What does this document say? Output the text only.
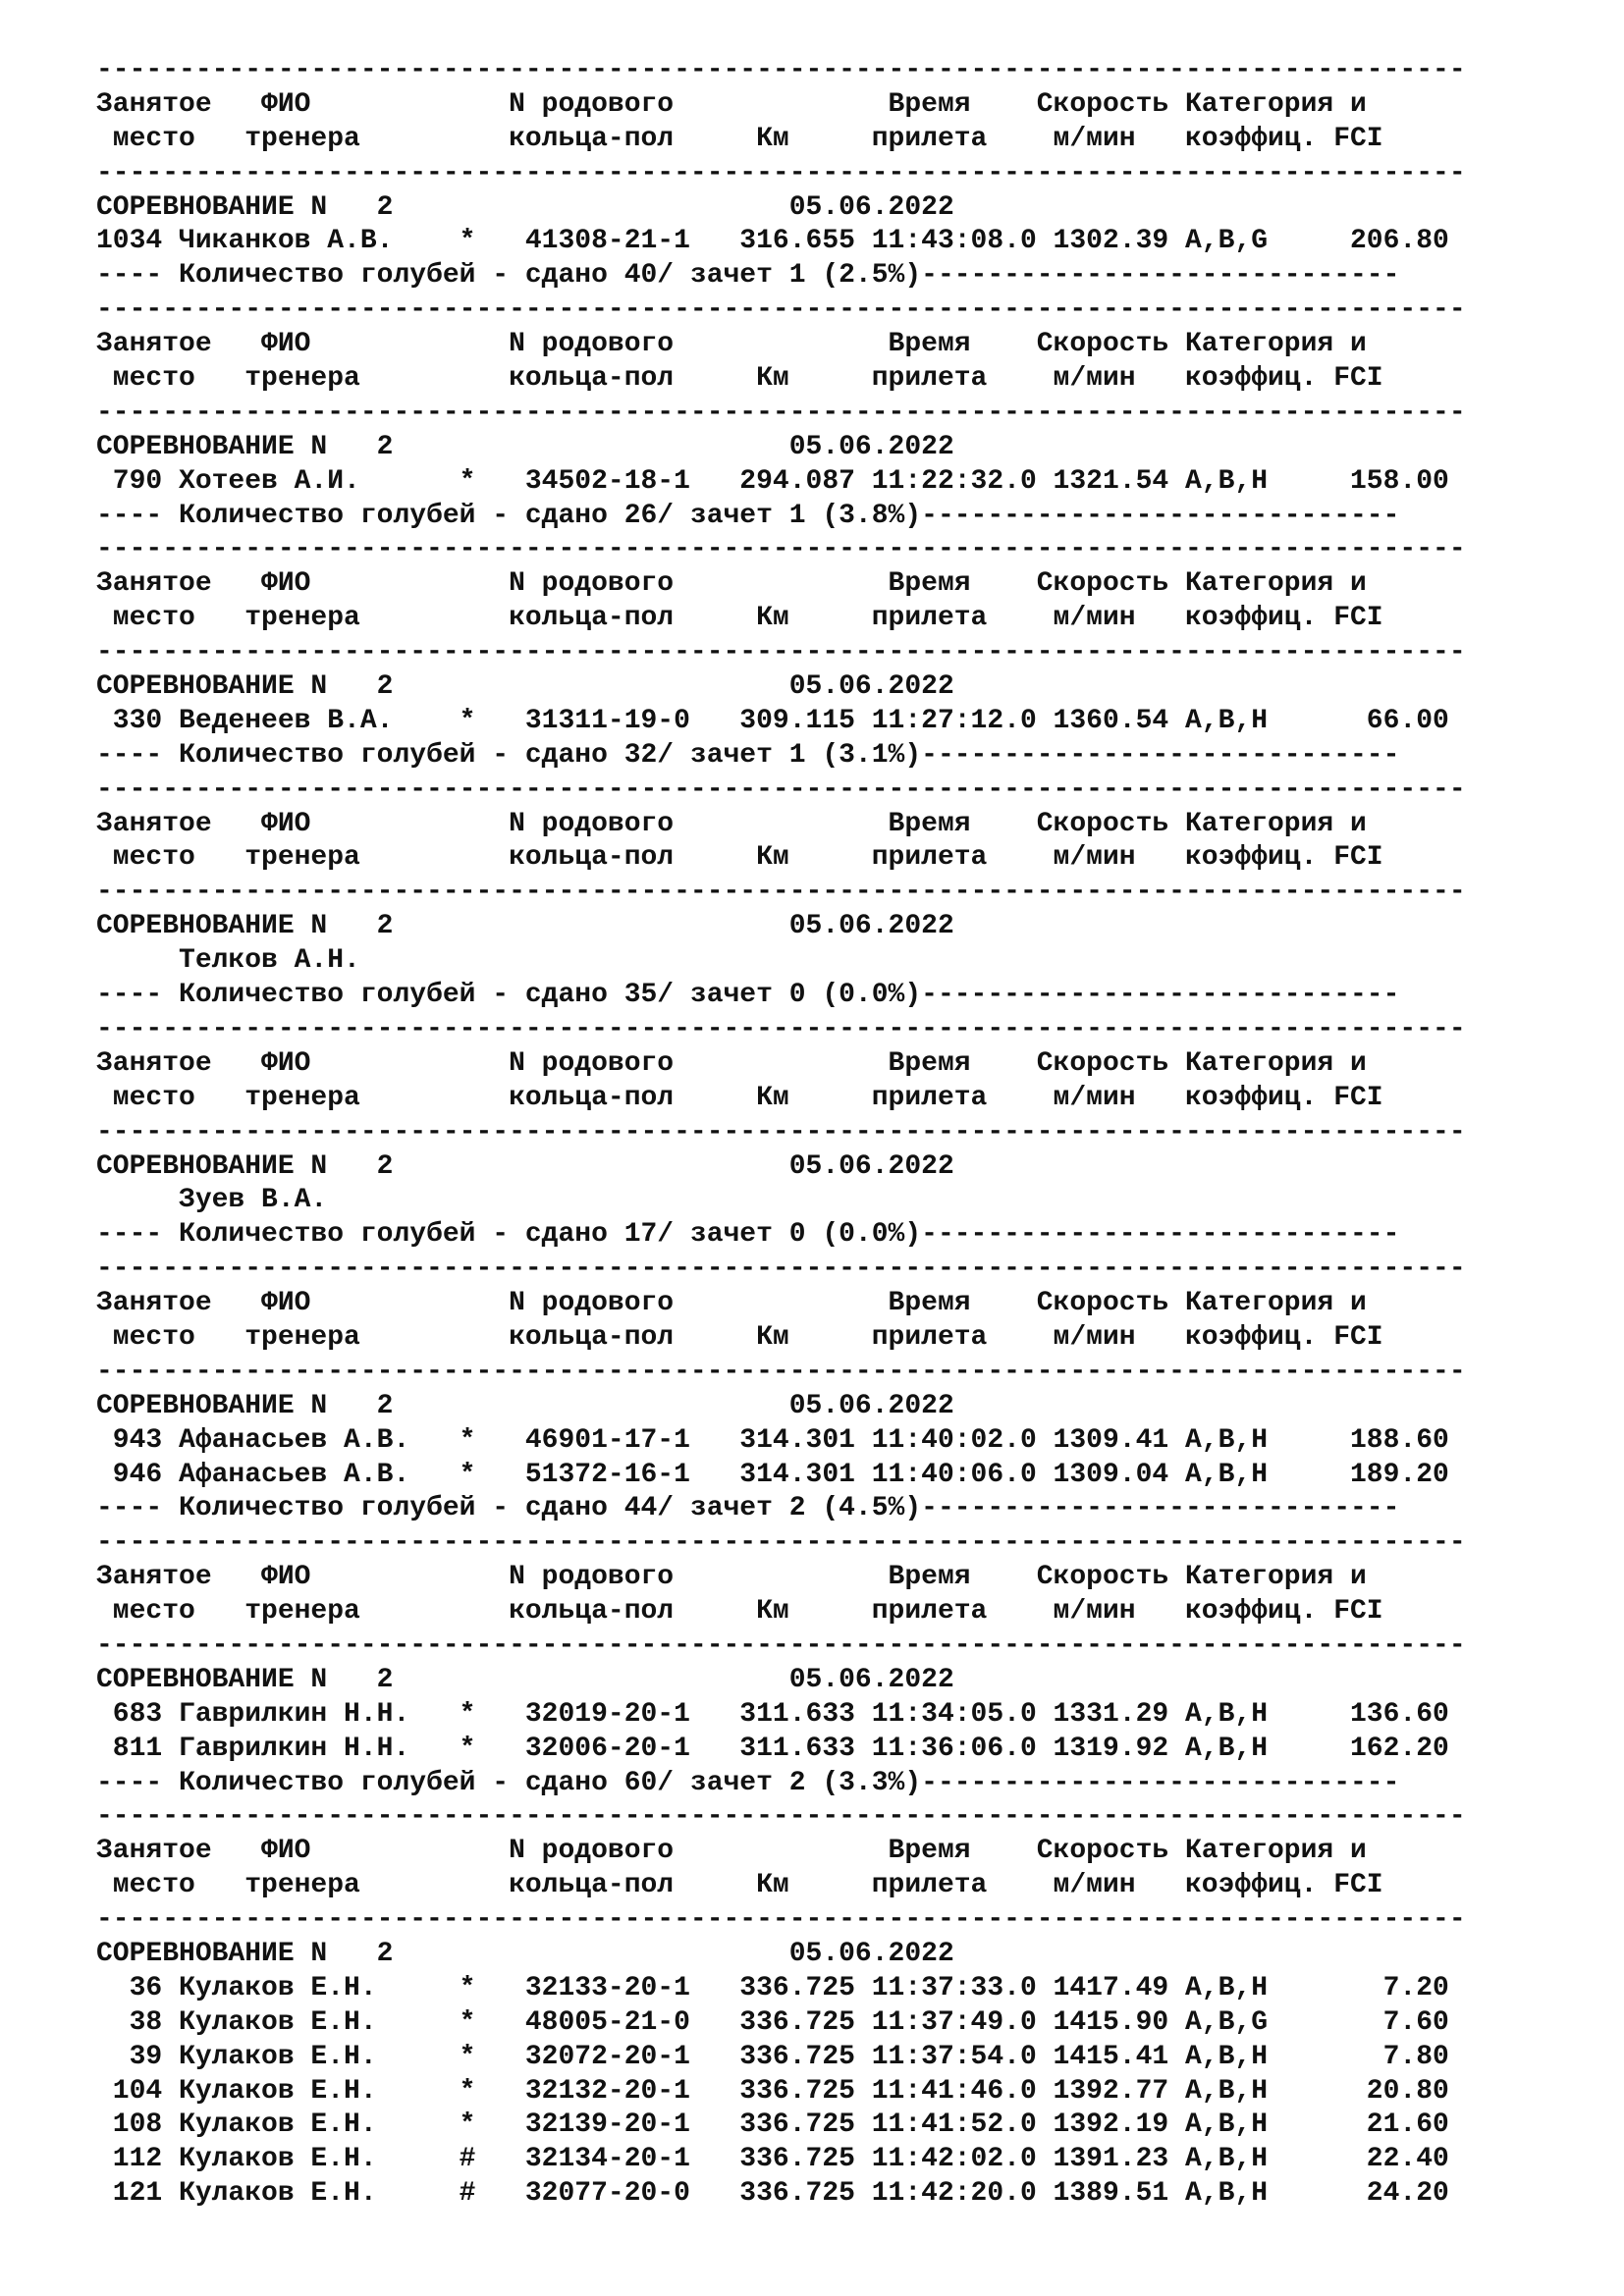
-----------------------------------------------------------------------------------
Занятое   ФИО            N родового             Время    Скорость Категория и
место   тренера         кольца-пол     Км     прилета    м/мин   коэффиц. FCI
-----------------------------------------------------------------------------------
СОРЕВНОВАНИЕ N   2                        05.06.2022
1034 Чиканков А.В.    *   41308-21-1   316.655 11:43:08.0 1302.39 A,B,G     206.80
---- Количество голубей - сдано 40/ зачет 1 (2.5%)-----------------------------
-----------------------------------------------------------------------------------
Занятое   ФИО            N родового             Время    Скорость Категория и
место   тренера         кольца-пол     Км     прилета    м/мин   коэффиц. FCI
-----------------------------------------------------------------------------------
СОРЕВНОВАНИЕ N   2                        05.06.2022
790 Хотеев А.И.      *   34502-18-1   294.087 11:22:32.0 1321.54 A,B,H     158.00
---- Количество голубей - сдано 26/ зачет 1 (3.8%)-----------------------------
-----------------------------------------------------------------------------------
Занятое   ФИО            N родового             Время    Скорость Категория и
место   тренера         кольца-пол     Км     прилета    м/мин   коэффиц. FCI
-----------------------------------------------------------------------------------
СОРЕВНОВАНИЕ N   2                        05.06.2022
330 Веденеев В.А.    *   31311-19-0   309.115 11:27:12.0 1360.54 A,B,H      66.00
---- Количество голубей - сдано 32/ зачет 1 (3.1%)-----------------------------
-----------------------------------------------------------------------------------
Занятое   ФИО            N родового             Время    Скорость Категория и
место   тренера         кольца-пол     Км     прилета    м/мин   коэффиц. FCI
-----------------------------------------------------------------------------------
СОРЕВНОВАНИЕ N   2                        05.06.2022
Телков А.Н.
---- Количество голубей - сдано 35/ зачет 0 (0.0%)-----------------------------
-----------------------------------------------------------------------------------
Занятое   ФИО            N родового             Время    Скорость Категория и
место   тренера         кольца-пол     Км     прилета    м/мин   коэффиц. FCI
-----------------------------------------------------------------------------------
СОРЕВНОВАНИЕ N   2                        05.06.2022
Зуев В.А.
---- Количество голубей - сдано 17/ зачет 0 (0.0%)-----------------------------
-----------------------------------------------------------------------------------
Занятое   ФИО            N родового             Время    Скорость Категория и
место   тренера         кольца-пол     Км     прилета    м/мин   коэффиц. FCI
-----------------------------------------------------------------------------------
СОРЕВНОВАНИЕ N   2                        05.06.2022
943 Афанасьев А.В.   *   46901-17-1   314.301 11:40:02.0 1309.41 A,B,H     188.60
946 Афанасьев А.В.   *   51372-16-1   314.301 11:40:06.0 1309.04 A,B,H     189.20
---- Количество голубей - сдано 44/ зачет 2 (4.5%)-----------------------------
-----------------------------------------------------------------------------------
Занятое   ФИО            N родового             Время    Скорость Категория и
место   тренера         кольца-пол     Км     прилета    м/мин   коэффиц. FCI
-----------------------------------------------------------------------------------
СОРЕВНОВАНИЕ N   2                        05.06.2022
683 Гаврилкин Н.Н.   *   32019-20-1   311.633 11:34:05.0 1331.29 A,B,H     136.60
811 Гаврилкин Н.Н.   *   32006-20-1   311.633 11:36:06.0 1319.92 A,B,H     162.20
---- Количество голубей - сдано 60/ зачет 2 (3.3%)-----------------------------
-----------------------------------------------------------------------------------
Занятое   ФИО            N родового             Время    Скорость Категория и
место   тренера         кольца-пол     Км     прилета    м/мин   коэффиц. FCI
-----------------------------------------------------------------------------------
СОРЕВНОВАНИЕ N   2                        05.06.2022
36 Кулаков Е.Н.     *   32133-20-1   336.725 11:37:33.0 1417.49 A,B,H       7.20
38 Кулаков Е.Н.     *   48005-21-0   336.725 11:37:49.0 1415.90 A,B,G       7.60
39 Кулаков Е.Н.     *   32072-20-1   336.725 11:37:54.0 1415.41 A,B,H       7.80
104 Кулаков Е.Н.     *   32132-20-1   336.725 11:41:46.0 1392.77 A,B,H      20.80
108 Кулаков Е.Н.     *   32139-20-1   336.725 11:41:52.0 1392.19 A,B,H      21.60
112 Кулаков Е.Н.     #   32134-20-1   336.725 11:42:02.0 1391.23 A,B,H      22.40
121 Кулаков Е.Н.     #   32077-20-0   336.725 11:42:20.0 1389.51 A,B,H      24.20
